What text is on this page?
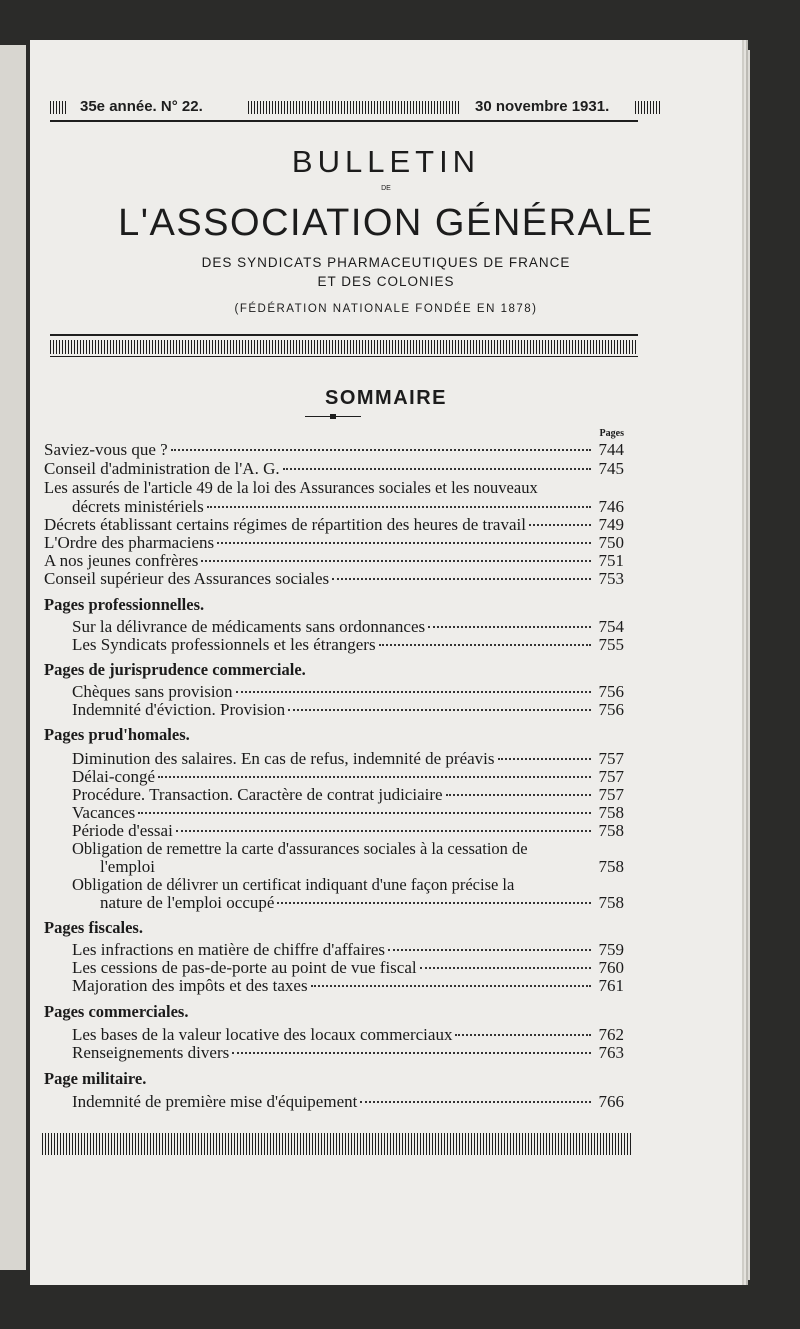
35e année. N° 22.	30 novembre 1931.
BULLETIN
DE
L'ASSOCIATION GÉNÉRALE
DES SYNDICATS PHARMACEUTIQUES DE FRANCE
ET DES COLONIES
(FÉDÉRATION NATIONALE FONDÉE EN 1878)
SOMMAIRE
Pages
Saviez-vous que ?	744
Conseil d'administration de l'A. G.	745
Les assurés de l'article 49 de la loi des Assurances sociales et les nouveaux
décrets ministériels	746
Décrets établissant certains régimes de répartition des heures de travail	749
L'Ordre des pharmaciens	750
A nos jeunes confrères	751
Conseil supérieur des Assurances sociales	753
Pages professionnelles.
Sur la délivrance de médicaments sans ordonnances	754
Les Syndicats professionnels et les étrangers	755
Pages de jurisprudence commerciale.
Chèques sans provision	756
Indemnité d'éviction. Provision	756
Pages prud'homales.
Diminution des salaires. En cas de refus, indemnité de préavis	757
Délai-congé	757
Procédure. Transaction. Caractère de contrat judiciaire	757
Vacances	758
Période d'essai	758
Obligation de remettre la carte d'assurances sociales à la cessation de
l'emploi	758
Obligation de délivrer un certificat indiquant d'une façon précise la
nature de l'emploi occupé	758
Pages fiscales.
Les infractions en matière de chiffre d'affaires	759
Les cessions de pas-de-porte au point de vue fiscal	760
Majoration des impôts et des taxes	761
Pages commerciales.
Les bases de la valeur locative des locaux commerciaux	762
Renseignements divers	763
Page militaire.
Indemnité de première mise d'équipement	766
